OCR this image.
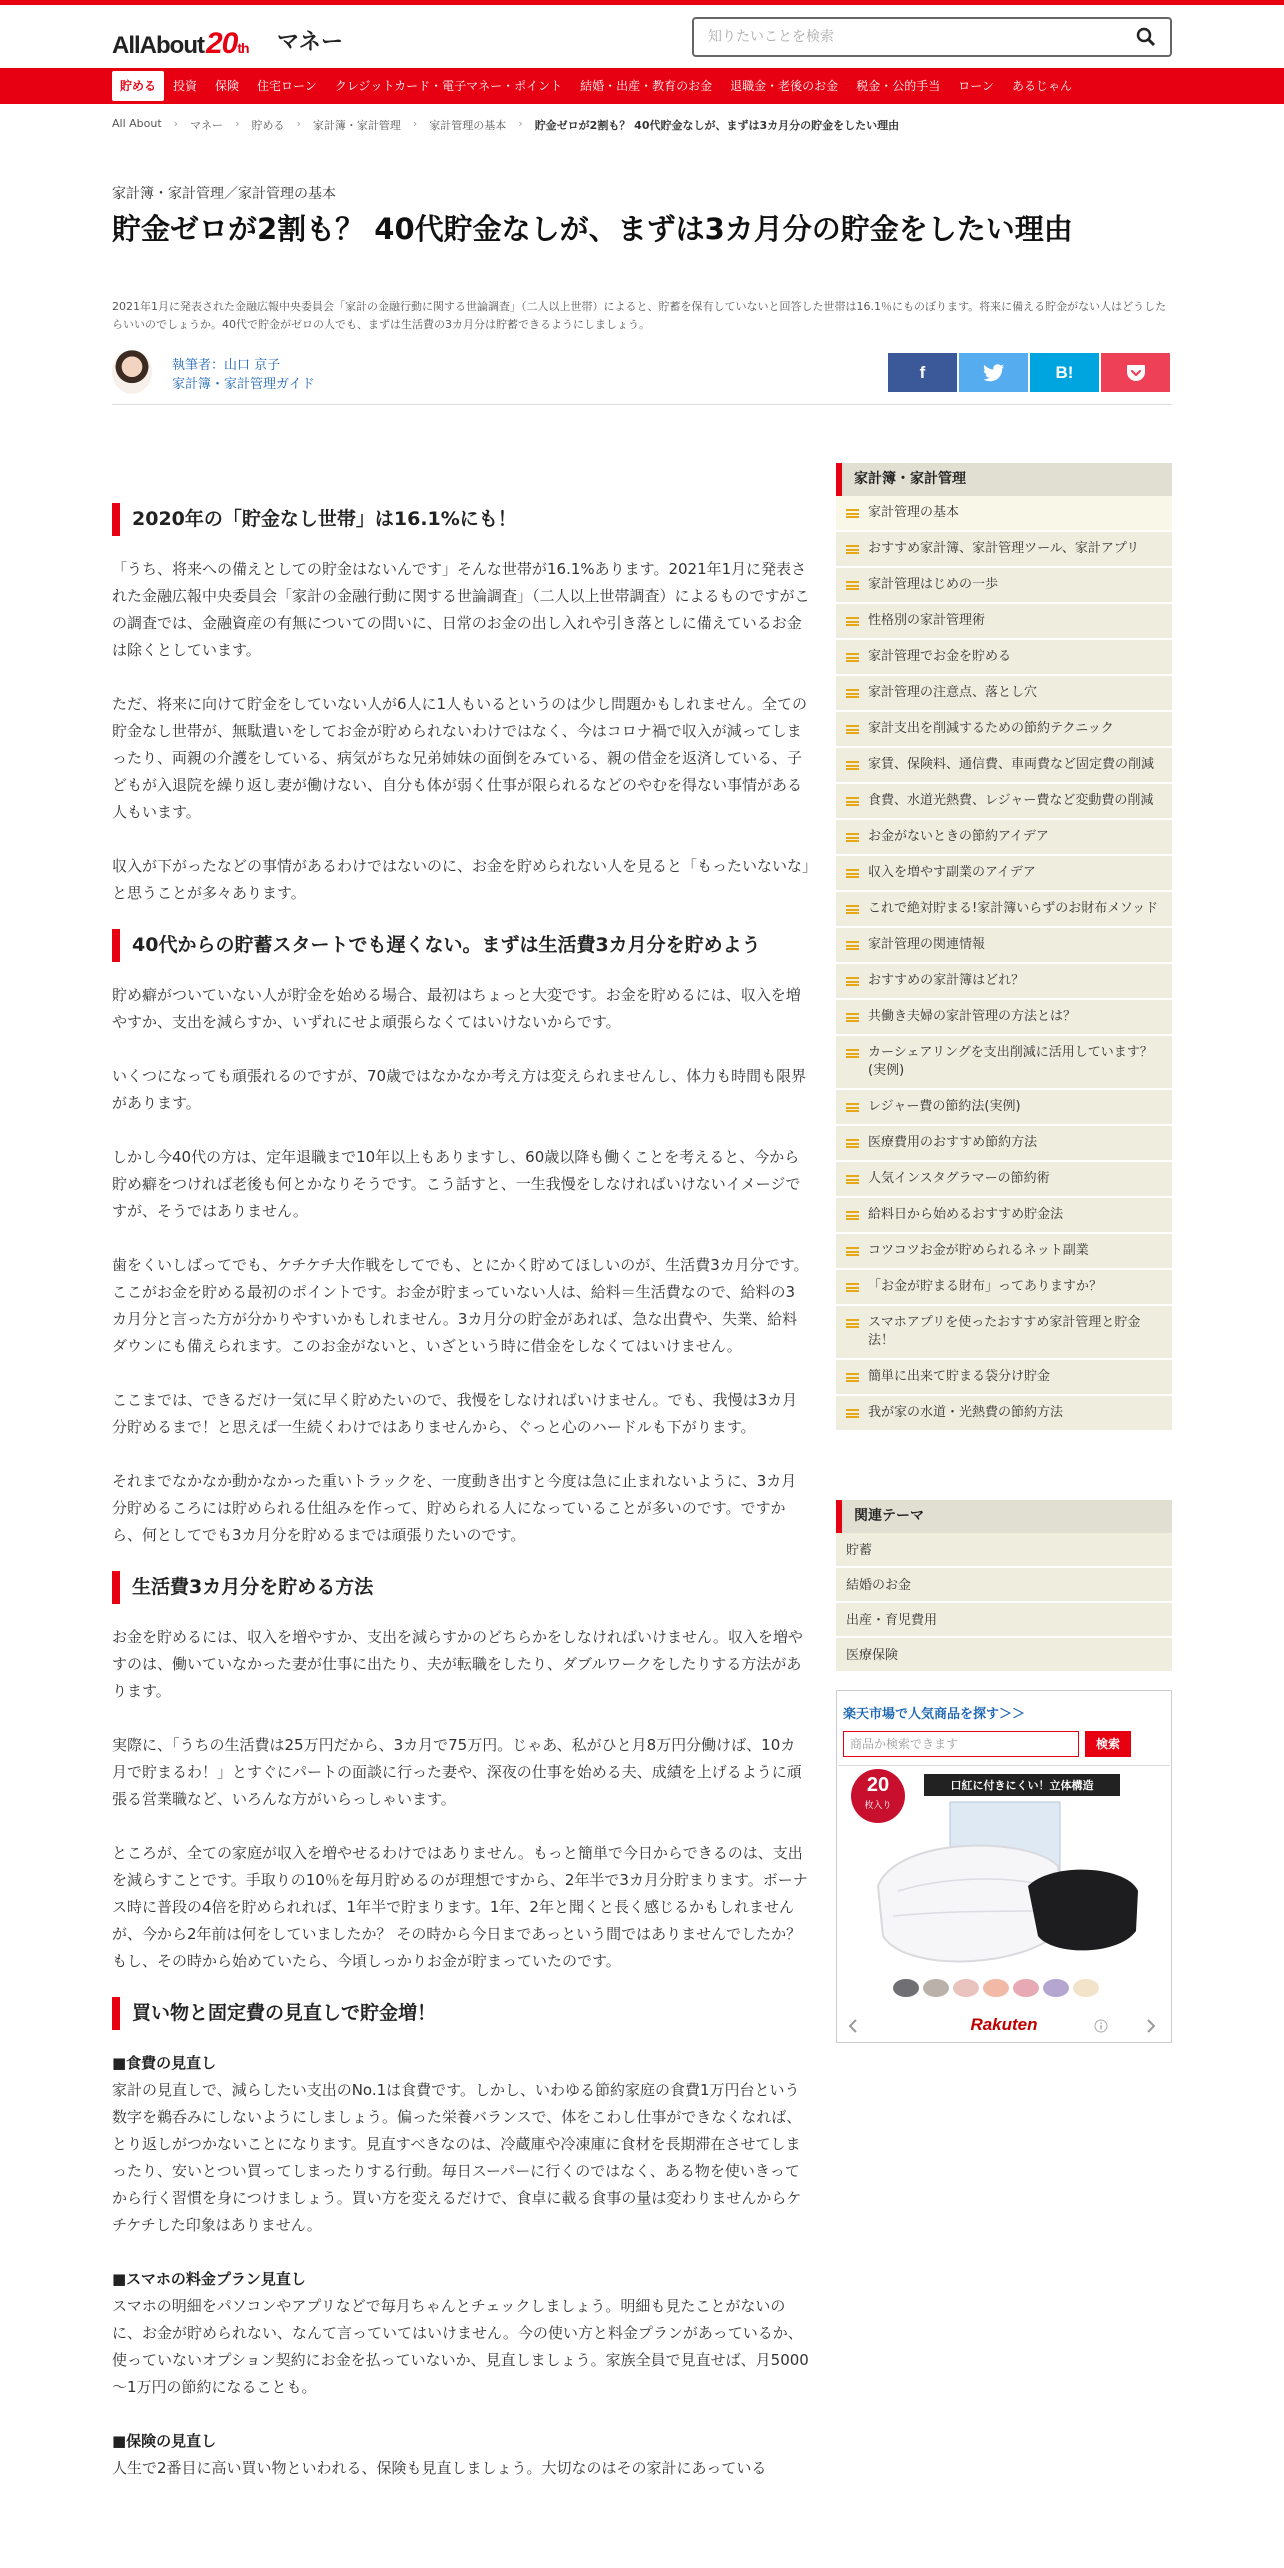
AllAbout20th マネー
知りたいことを検索
貯める	投資	保険	住宅ローン	クレジットカード・電子マネー・ポイント	結婚・出産・教育のお金	退職金・老後のお金	税金・公的手当	ローン	あるじゃん
All About › マネー › 貯める › 家計簿・家計管理 › 家計管理の基本 › 貯金ゼロが2割も？ 40代貯金なしが、まずは3カ月分の貯金をしたい理由
家計簿・家計管理／家計管理の基本
貯金ゼロが2割も？ 40代貯金なしが、まずは3カ月分の貯金をしたい理由
2021年1月に発表された金融広報中央委員会「家計の金融行動に関する世論調査」（二人以上世帯）によると、貯蓄を保有していないと回答した世帯は16.1％にものぼります。将来に備える貯金がない人はどうしたらいいのでしょうか。40代で貯金がゼロの人でも、まずは生活費の3カ月分は貯蓄できるようにしましょう。
執筆者：山口 京子
家計簿・家計管理ガイド
f	B!
2020年の「貯金なし世帯」は16.1%にも！

「うち、将来への備えとしての貯金はないんです」そんな世帯が16.1%あります。2021年1月に発表された金融広報中央委員会「家計の金融行動に関する世論調査」（二人以上世帯調査）によるものですがこの調査では、金融資産の有無についての問いに、日常のお金の出し入れや引き落としに備えているお金は除くとしています。

ただ、将来に向けて貯金をしていない人が6人に1人もいるというのは少し問題かもしれません。全ての貯金なし世帯が、無駄遣いをしてお金が貯められないわけではなく、今はコロナ禍で収入が減ってしまったり、両親の介護をしている、病気がちな兄弟姉妹の面倒をみている、親の借金を返済している、子どもが入退院を繰り返し妻が働けない、自分も体が弱く仕事が限られるなどのやむを得ない事情がある人もいます。

収入が下がったなどの事情があるわけではないのに、お金を貯められない人を見ると「もったいないな」と思うことが多々あります。

40代からの貯蓄スタートでも遅くない。まずは生活費3カ月分を貯めよう

貯め癖がついていない人が貯金を始める場合、最初はちょっと大変です。お金を貯めるには、収入を増やすか、支出を減らすか、いずれにせよ頑張らなくてはいけないからです。

いくつになっても頑張れるのですが、70歳ではなかなか考え方は変えられませんし、体力も時間も限界があります。

しかし今40代の方は、定年退職まで10年以上もありますし、60歳以降も働くことを考えると、今から貯め癖をつければ老後も何とかなりそうです。こう話すと、一生我慢をしなければいけないイメージですが、そうではありません。

歯をくいしばってでも、ケチケチ大作戦をしてでも、とにかく貯めてほしいのが、生活費3カ月分です。ここがお金を貯める最初のポイントです。お金が貯まっていない人は、給料＝生活費なので、給料の3カ月分と言った方が分かりやすいかもしれません。3カ月分の貯金があれば、急な出費や、失業、給料ダウンにも備えられます。このお金がないと、いざという時に借金をしなくてはいけません。

ここまでは、できるだけ一気に早く貯めたいので、我慢をしなければいけません。でも、我慢は3カ月分貯めるまで！と思えば一生続くわけではありませんから、ぐっと心のハードルも下がります。

それまでなかなか動かなかった重いトラックを、一度動き出すと今度は急に止まれないように、3カ月分貯めるころには貯められる仕組みを作って、貯められる人になっていることが多いのです。ですから、何としてでも3カ月分を貯めるまでは頑張りたいのです。

生活費3カ月分を貯める方法

お金を貯めるには、収入を増やすか、支出を減らすかのどちらかをしなければいけません。収入を増やすのは、働いていなかった妻が仕事に出たり、夫が転職をしたり、ダブルワークをしたりする方法があります。

実際に、「うちの生活費は25万円だから、3カ月で75万円。じゃあ、私がひと月8万円分働けば、10カ月で貯まるわ！」とすぐにパートの面談に行った妻や、深夜の仕事を始める夫、成績を上げるように頑張る営業職など、いろんな方がいらっしゃいます。

ところが、全ての家庭が収入を増やせるわけではありません。もっと簡単で今日からできるのは、支出を減らすことです。手取りの10％を毎月貯めるのが理想ですから、2年半で3カ月分貯まります。ボーナス時に普段の4倍を貯められれば、1年半で貯まります。1年、2年と聞くと長く感じるかもしれませんが、今から2年前は何をしていましたか？ その時から今日まであっという間ではありませんでしたか？ もし、その時から始めていたら、今頃しっかりお金が貯まっていたのです。

買い物と固定費の見直しで貯金増！
■食費の見直し

家計の見直しで、減らしたい支出のNo.1は食費です。しかし、いわゆる節約家庭の食費1万円台という数字を鵜呑みにしないようにしましょう。偏った栄養バランスで、体をこわし仕事ができなくなれば、とり返しがつかないことになります。見直すべきなのは、冷蔵庫や冷凍庫に食材を長期滞在させてしまったり、安いとつい買ってしまったりする行動。毎日スーパーに行くのではなく、ある物を使いきってから行く習慣を身につけましょう。買い方を変えるだけで、食卓に載る食事の量は変わりませんからケチケチした印象はありません。

■スマホの料金プラン見直し

スマホの明細をパソコンやアプリなどで毎月ちゃんとチェックしましょう。明細も見たことがないのに、お金が貯められない、なんて言っていてはいけません。今の使い方と料金プランがあっているか、使っていないオプション契約にお金を払っていないか、見直しましょう。家族全員で見直せば、月5000～1万円の節約になることも。

■保険の見直し

人生で2番目に高い買い物といわれる、保険も見直しましょう。大切なのはその家計にあっている

家計簿・家計管理
家計管理の基本
おすすめ家計簿、家計管理ツール、家計アプリ
家計管理はじめの一歩
性格別の家計管理術
家計管理でお金を貯める
家計管理の注意点、落とし穴
家計支出を削減するための節約テクニック
家賃、保険料、通信費、車両費など固定費の削減
食費、水道光熱費、レジャー費など変動費の削減
お金がないときの節約アイデア
収入を増やす副業のアイデア
これで絶対貯まる!家計簿いらずのお財布メソッド
家計管理の関連情報
おすすめの家計簿はどれ？
共働き夫婦の家計管理の方法とは？
カーシェアリングを支出削減に活用しています？(実例)
レジャー費の節約法(実例)
医療費用のおすすめ節約方法
人気インスタグラマーの節約術
給料日から始めるおすすめ貯金法
コツコツお金が貯められるネット副業
「お金が貯まる財布」ってありますか？
スマホアプリを使ったおすすめ家計管理と貯金法！
簡単に出来て貯まる袋分け貯金
我が家の水道・光熱費の節約方法
関連テーマ
貯蓄
結婚のお金
出産・育児費用
医療保険
楽天市場で人気商品を探す＞＞
商品か検索できます
検索
20
枚入り
口紅に付きにくい！立体構造
Rakuten
